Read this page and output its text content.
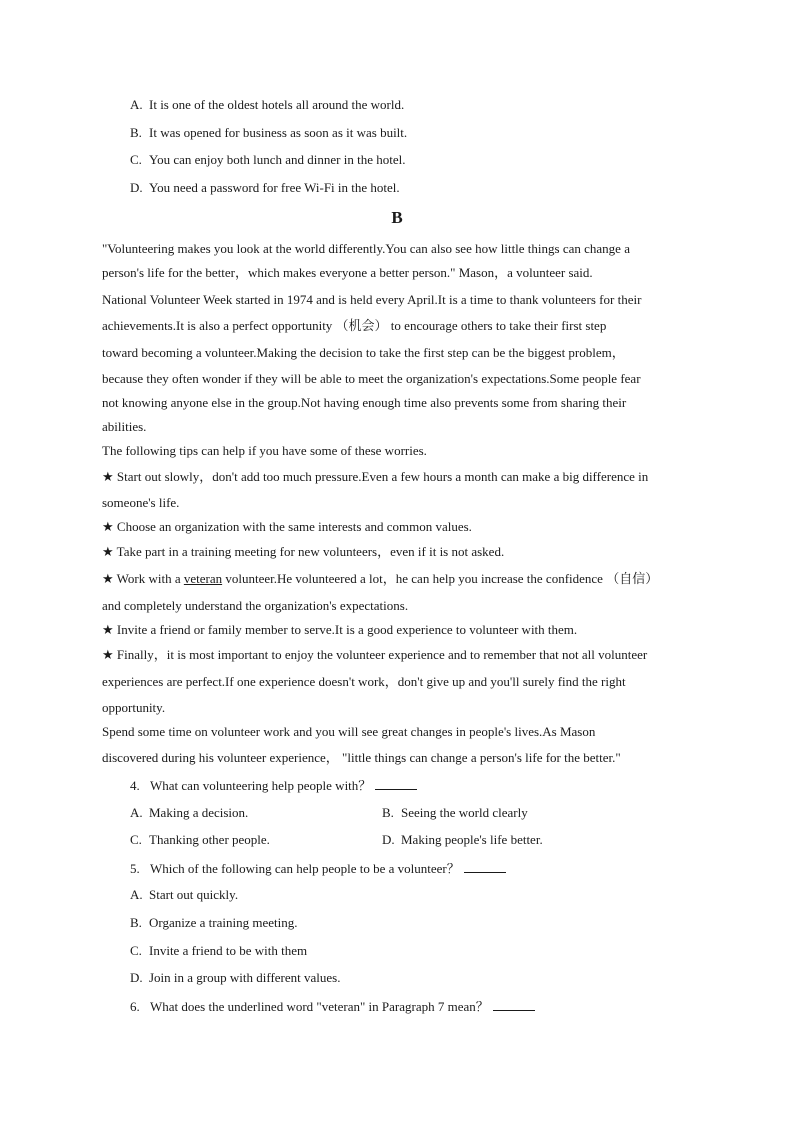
A. It is one of the oldest hotels all around the world.
B. It was opened for business as soon as it was built.
C. You can enjoy both lunch and dinner in the hotel.
D. You need a password for free Wi-Fi in the hotel.
B
"Volunteering makes you look at the world differently.You can also see how little things can change a
person's life for the better，which makes everyone a better person." Mason，a volunteer said.
National Volunteer Week started in 1974 and is held every April.It is a time to thank volunteers for their
achievements.It is also a perfect opportunity （机会） to encourage others to take their first step
toward becoming a volunteer.Making the decision to take the first step can be the biggest problem，
because they often wonder if they will be able to meet the organization's expectations.Some people fear
not knowing anyone else in the group.Not having enough time also prevents some from sharing their
abilities.
The following tips can help if you have some of these worries.
★ Start out slowly，don't add too much pressure.Even a few hours a month can make a big difference in
someone's life.
★ Choose an organization with the same interests and common values.
★ Take part in a training meeting for new volunteers，even if it is not asked.
★ Work with a veteran volunteer.He volunteered a lot，he can help you increase the confidence （自信）
and completely understand the organization's expectations.
★ Invite a friend or family member to serve.It is a good experience to volunteer with them.
★ Finally，it is most important to enjoy the volunteer experience and to remember that not all volunteer
experiences are perfect.If one experience doesn't work，don't give up and you'll surely find the right
opportunity.
Spend some time on volunteer work and you will see great changes in people's lives.As Mason
discovered during his volunteer experience， "little things can change a person's life for the better."
4. What can volunteering help people with？
A. Making a decision.	B. Seeing the world clearly
C. Thanking other people.	D. Making people's life better.
5. Which of the following can help people to be a volunteer？
A. Start out quickly.
B. Organize a training meeting.
C. Invite a friend to be with them
D. Join in a group with different values.
6. What does the underlined word "veteran" in Paragraph 7 mean？
